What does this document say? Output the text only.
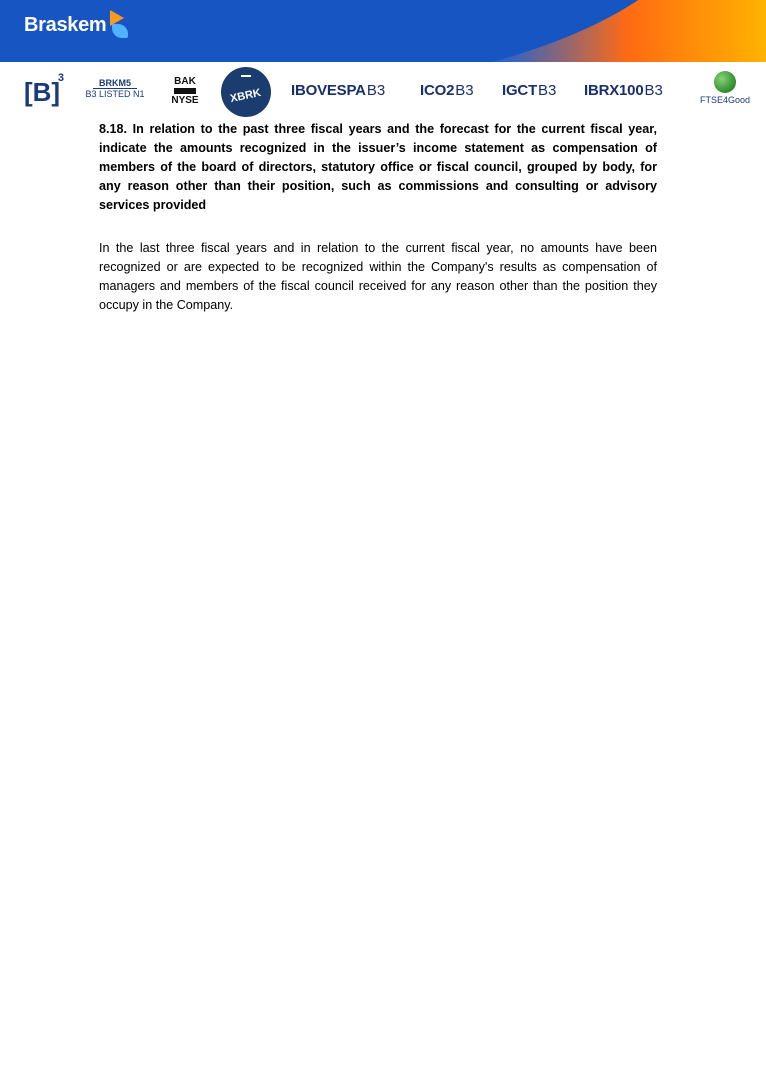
Braskem
[B]
3	BRKM5
B3 LISTED N1
BAK
NYSE	XBRK IBOVESPA B3 ICO2 B3 IGCT B3 IBRX100 B3
FTSE4Good

8.18. In relation to the past three fiscal years and the forecast for the current fiscal year, indicate the amounts recognized in the issuer’s income statement as compensation of members of the board of directors, statutory office or fiscal council, grouped by body, for any reason other than their position, such as commissions and consulting or advisory services provided

In the last three fiscal years and in relation to the current fiscal year, no amounts have been recognized or are expected to be recognized within the Company's results as compensation of managers and members of the fiscal council received for any reason other than the position they occupy in the Company.
